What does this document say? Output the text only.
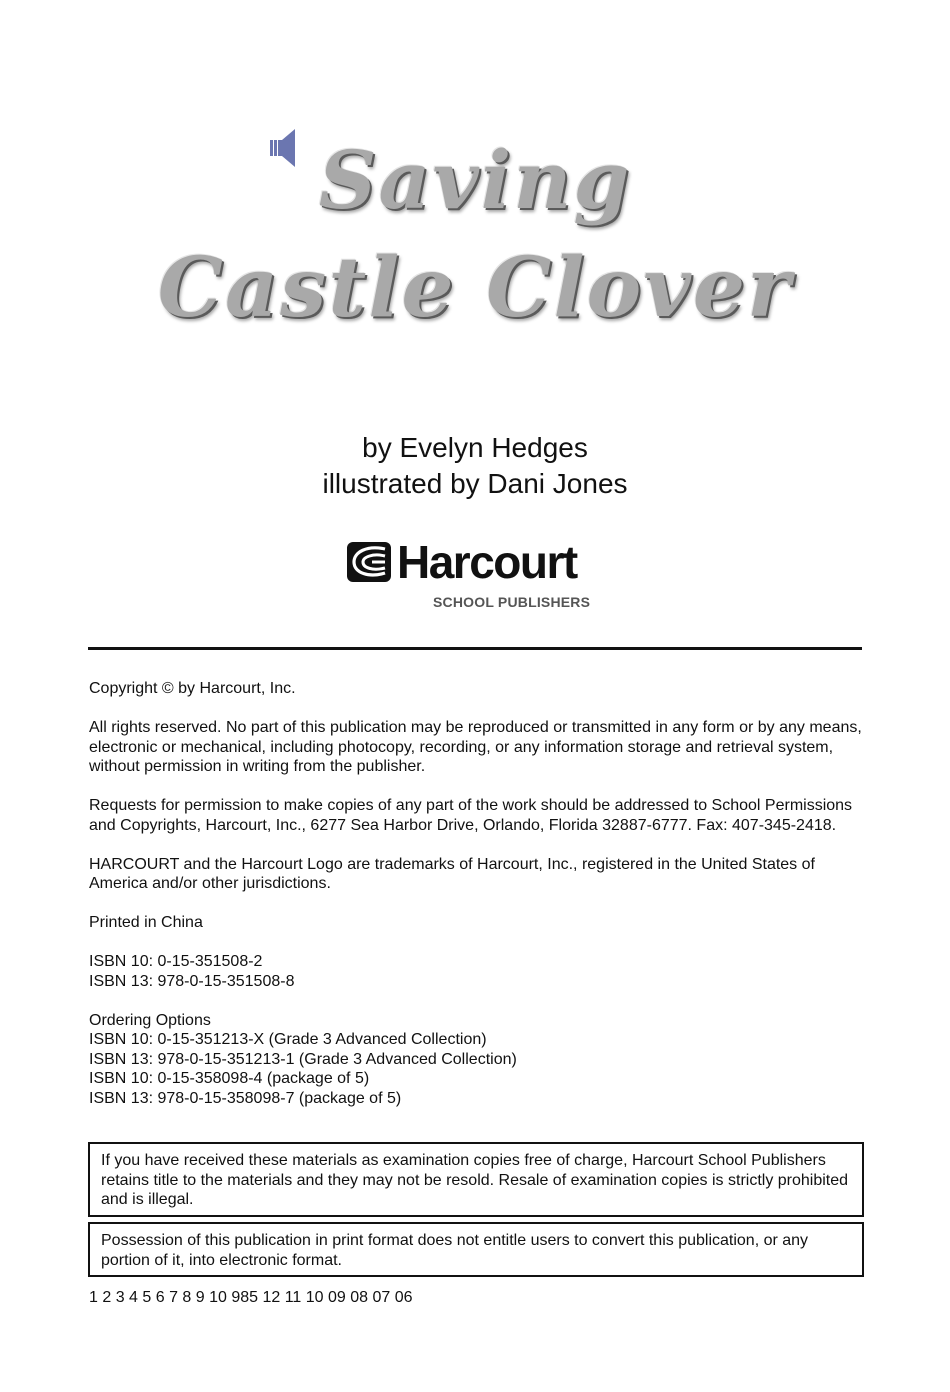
Saving
Castle Clover
by Evelyn Hedges
illustrated by Dani Jones
Harcourt
SCHOOL PUBLISHERS

Copyright © by Harcourt, Inc.

All rights reserved. No part of this publication may be reproduced or transmitted in any form or by any means, electronic or mechanical, including photocopy, recording, or any information storage and retrieval system, without permission in writing from the publisher.

Requests for permission to make copies of any part of the work should be addressed to School Permissions and Copyrights, Harcourt, Inc., 6277 Sea Harbor Drive, Orlando, Florida 32887-6777. Fax: 407-345-2418.

HARCOURT and the Harcourt Logo are trademarks of Harcourt, Inc., registered in the United States of America and/or other jurisdictions.

Printed in China

ISBN 10: 0-15-351508-2
ISBN 13: 978-0-15-351508-8

Ordering Options
ISBN 10: 0-15-351213-X (Grade 3 Advanced Collection)
ISBN 13: 978-0-15-351213-1 (Grade 3 Advanced Collection)
ISBN 10: 0-15-358098-4 (package of 5)
ISBN 13: 978-0-15-358098-7 (package of 5)

If you have received these materials as examination copies free of charge, Harcourt School Publishers retains title to the materials and they may not be resold. Resale of examination copies is strictly prohibited and is illegal.
Possession of this publication in print format does not entitle users to convert this publication, or any portion of it, into electronic format.
1 2 3 4 5 6 7 8 9 10 985 12 11 10 09 08 07 06
